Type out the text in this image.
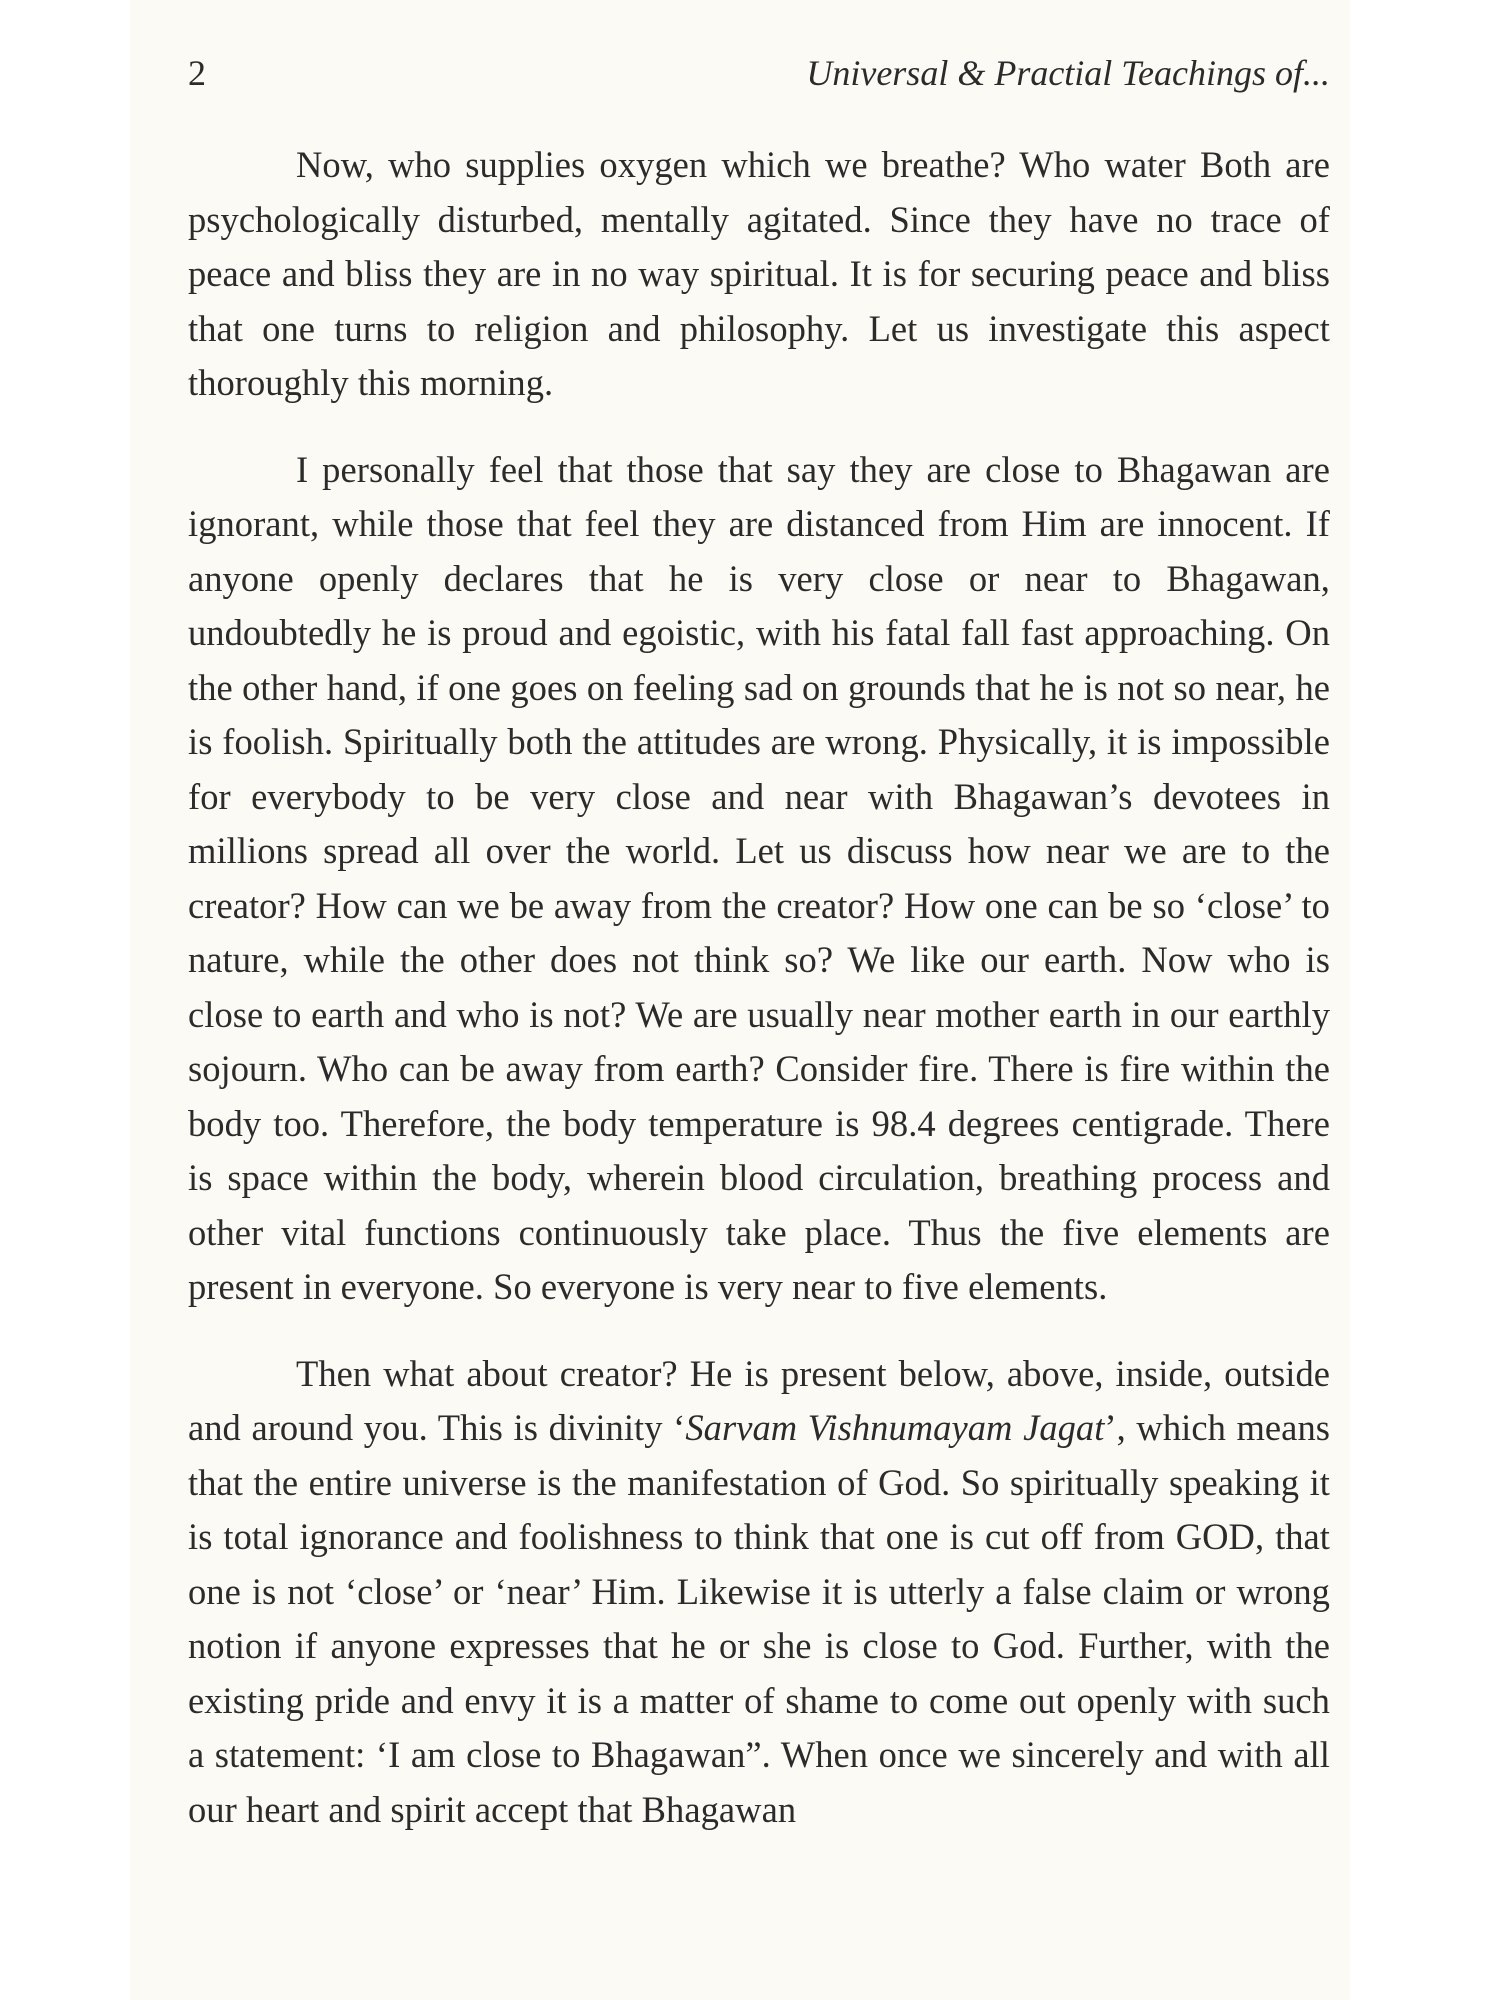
2	Universal & Practial Teachings of...

Now, who supplies oxygen which we breathe? Who water Both are psychologically disturbed, mentally agitated. Since they have no trace of peace and bliss they are in no way spiritual. It is for securing peace and bliss that one turns to religion and philosophy. Let us investigate this aspect thoroughly this morning.

I personally feel that those that say they are close to Bhagawan are ignorant, while those that feel they are distanced from Him are innocent. If anyone openly declares that he is very close or near to Bhagawan, undoubtedly he is proud and egoistic, with his fatal fall fast approaching. On the other hand, if one goes on feeling sad on grounds that he is not so near, he is foolish. Spiritually both the attitudes are wrong. Physically, it is impossible for everybody to be very close and near with Bhagawan’s devotees in millions spread all over the world. Let us discuss how near we are to the creator? How can we be away from the creator? How one can be so ‘close’ to nature, while the other does not think so? We like our earth. Now who is close to earth and who is not? We are usually near mother earth in our earthly sojourn. Who can be away from earth? Consider fire. There is fire within the body too. Therefore, the body temperature is 98.4 degrees centigrade. There is space within the body, wherein blood circulation, breathing process and other vital functions continuously take place. Thus the five elements are present in everyone. So everyone is very near to five elements.

Then what about creator? He is present below, above, inside, outside and around you. This is divinity ‘Sarvam Vishnumayam Jagat’, which means that the entire universe is the manifestation of God. So spiritually speaking it is total ignorance and foolishness to think that one is cut off from GOD, that one is not ‘close’ or ‘near’ Him. Likewise it is utterly a false claim or wrong notion if anyone expresses that he or she is close to God. Further, with the existing pride and envy it is a matter of shame to come out openly with such a statement: ‘I am close to Bhagawan”. When once we sincerely and with all our heart and spirit accept that Bhagawan
